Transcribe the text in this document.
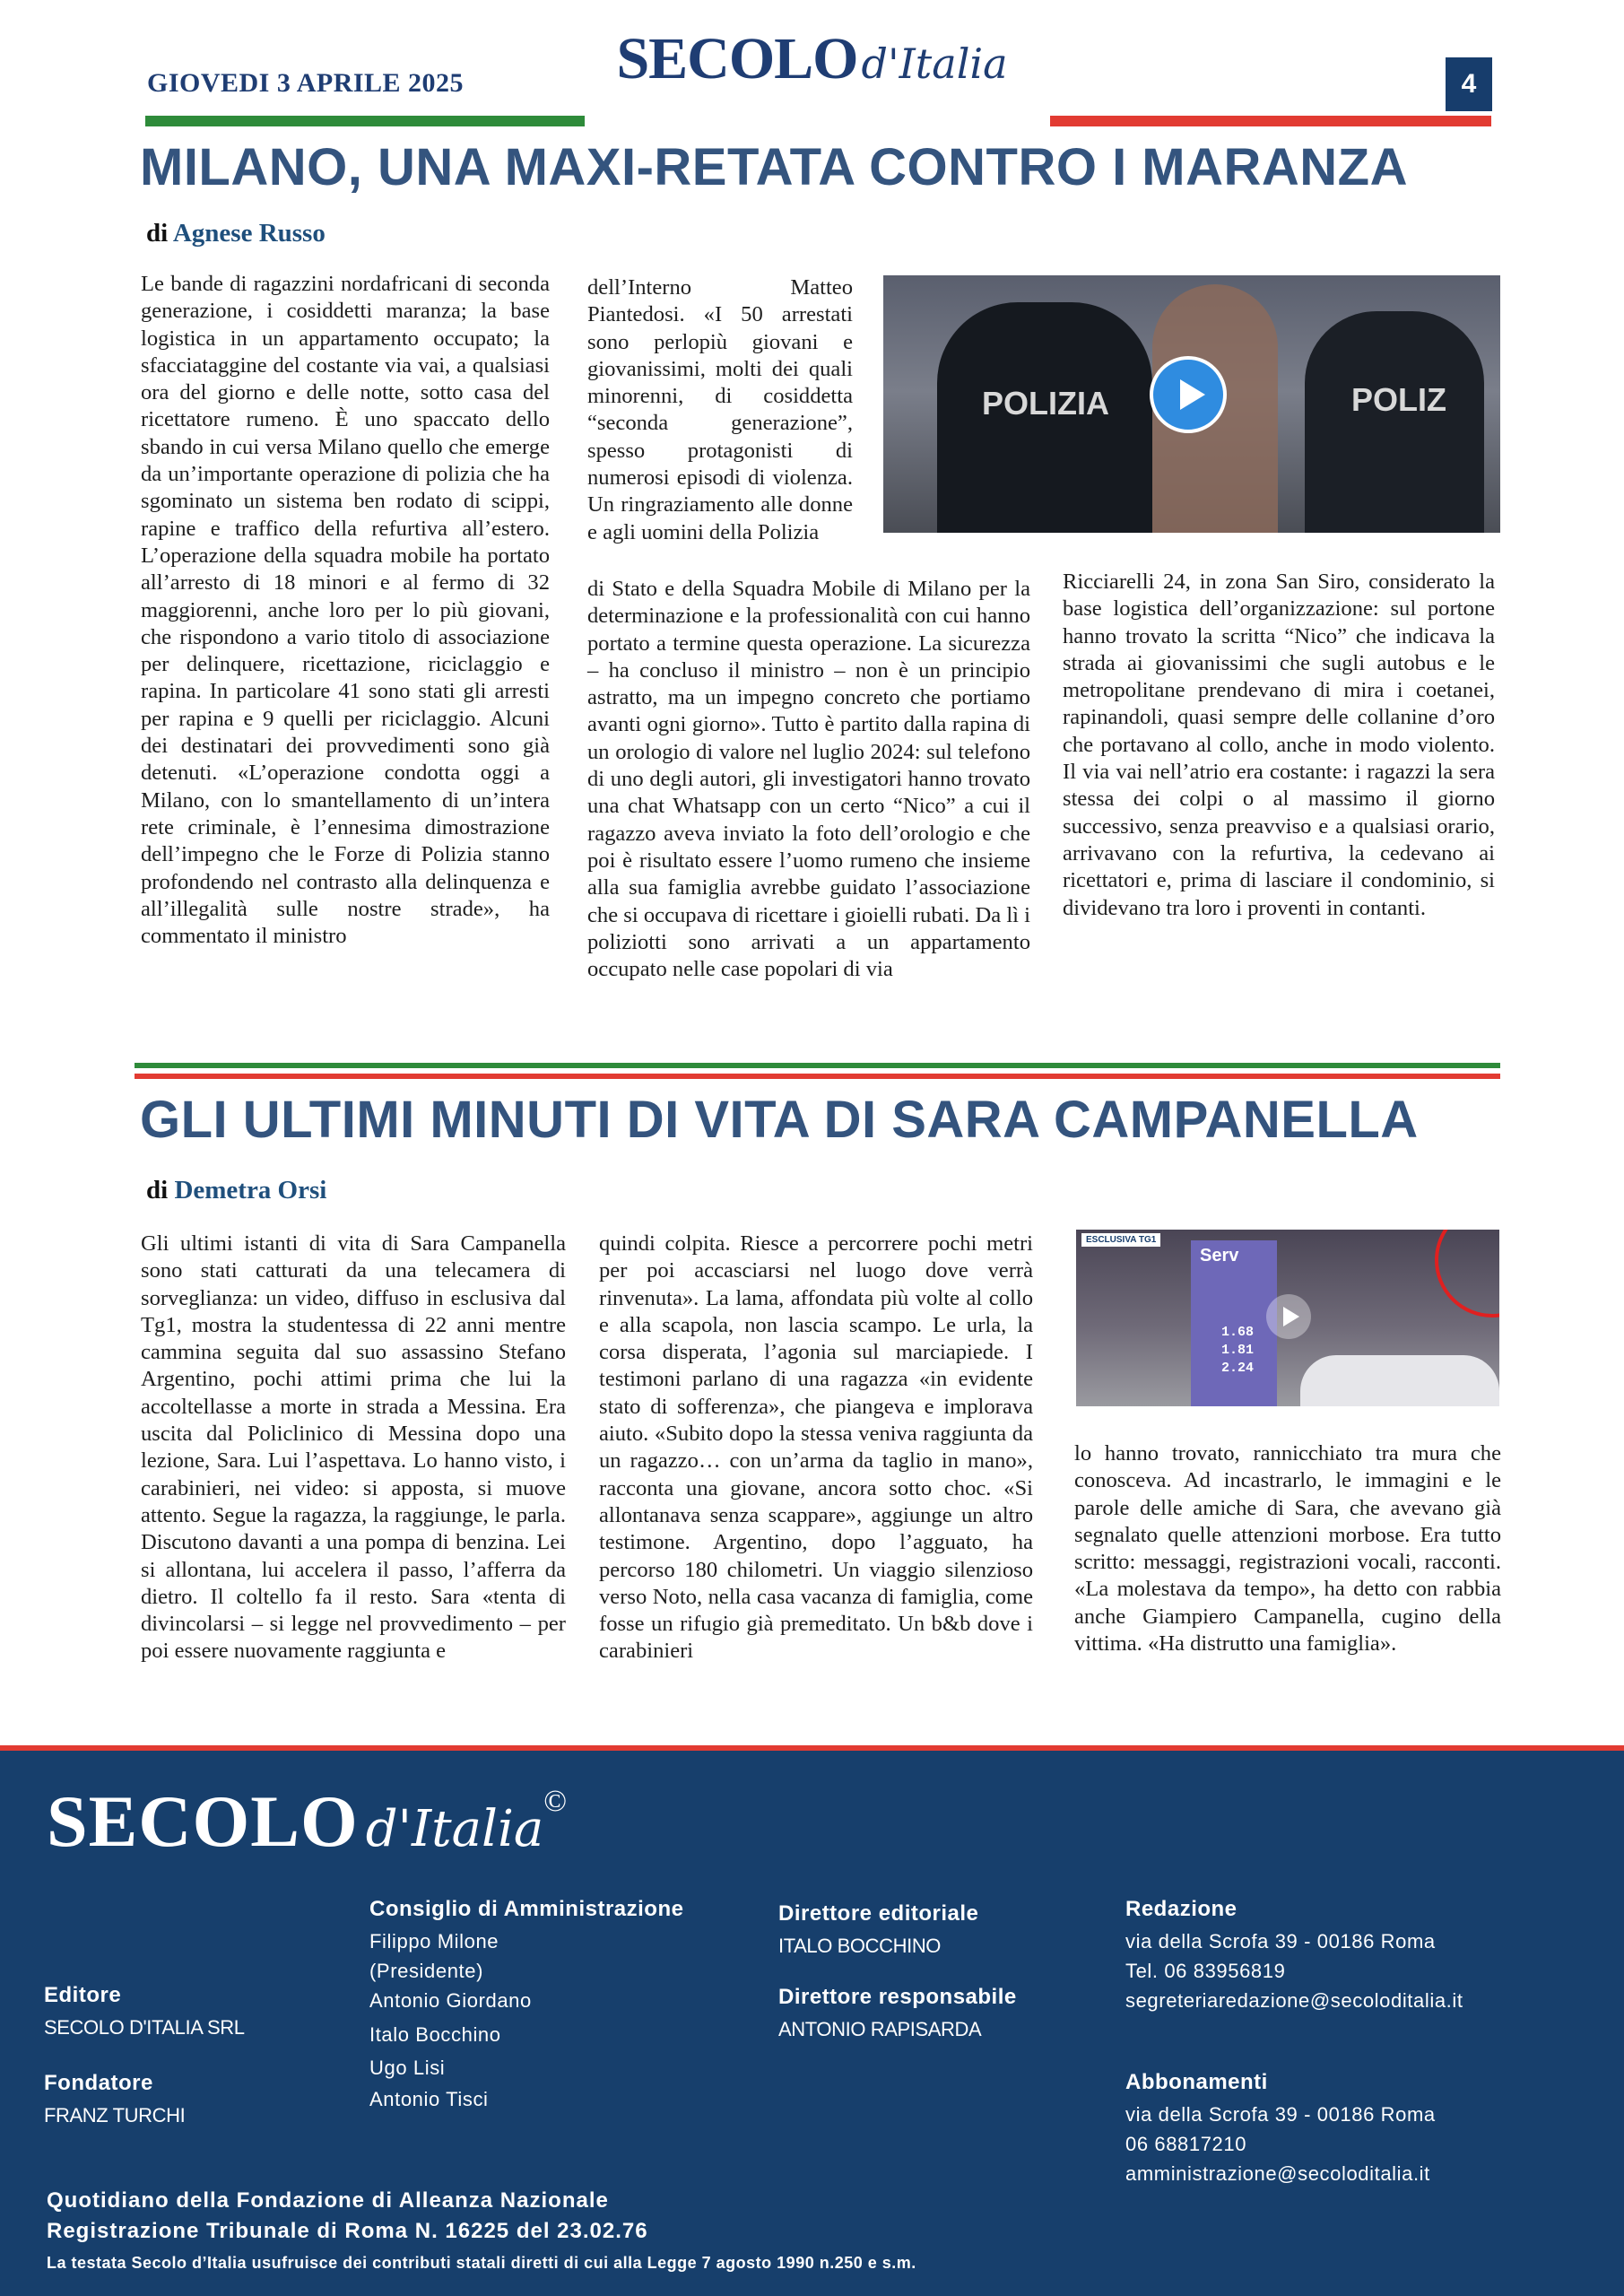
GIOVEDI 3 APRILE 2025	SECOLOd'Italia	4
MILANO, UNA MAXI-RETATA CONTRO I MARANZA
di Agnese Russo

Le bande di ragazzini nordafricani di seconda generazione, i cosiddetti maranza; la base logistica in un appartamento occupato; la sfacciataggine del costante via vai, a qualsiasi ora del giorno e delle notte, sotto casa del ricettatore rumeno. È uno spaccato dello sbando in cui versa Milano quello che emerge da un’importante operazione di polizia che ha sgominato un sistema ben rodato di scippi, rapine e traffico della refurtiva all’estero. L’operazione della squadra mobile ha portato all’arresto di 18 minori e al fermo di 32 maggiorenni, anche loro per lo più giovani, che rispondono a vario titolo di associazione per delinquere, ricettazione, riciclaggio e rapina. In particolare 41 sono stati gli arresti per rapina e 9 quelli per riciclaggio. Alcuni dei destinatari dei provvedimenti sono già detenuti. «L’operazione condotta oggi a Milano, con lo smantellamento di un’intera rete criminale, è l’ennesima dimostrazione dell’impegno che le Forze di Polizia stanno profondendo nel contrasto alla delinquenza e all’illegalità sulle nostre strade», ha commentato il ministro

dell’Interno Matteo Piantedosi. «I 50 arrestati sono perlopiù giovani e giovanissimi, molti dei quali minorenni, di cosiddetta “seconda generazione”, spesso protagonisti di numerosi episodi di violenza. Un ringraziamento alle donne e agli uomini della Polizia

di Stato e della Squadra Mobile di Milano per la determinazione e la professionalità con cui hanno portato a termine questa operazione. La sicurezza – ha concluso il ministro – non è un principio astratto, ma un impegno concreto che portiamo avanti ogni giorno». Tutto è partito dalla rapina di un orologio di valore nel luglio 2024: sul telefono di uno degli autori, gli investigatori hanno trovato una chat Whatsapp con un certo “Nico” a cui il ragazzo aveva inviato la foto dell’orologio e che poi è risultato essere l’uomo rumeno che insieme alla sua famiglia avrebbe guidato l’associazione che si occupava di ricettare i gioielli rubati. Da lì i poliziotti sono arrivati a un appartamento occupato nelle case popolari di via

Ricciarelli 24, in zona San Siro, considerato la base logistica dell’organizzazione: sul portone hanno trovato la scritta “Nico” che indicava la strada ai giovanissimi che sugli autobus e le metropolitane prendevano di mira i coetanei, rapinandoli, quasi sempre delle collanine d’oro che portavano al collo, anche in modo violento. Il via vai nell’atrio era costante: i ragazzi la sera stessa dei colpi o al massimo il giorno successivo, senza preavviso e a qualsiasi orario, arrivavano con la refurtiva, la cedevano ai ricettatori e, prima di lasciare il condominio, si dividevano tra loro i proventi in contanti.

POLIZIA	POLIZ
GLI ULTIMI MINUTI DI VITA DI SARA CAMPANELLA
di Demetra Orsi

Gli ultimi istanti di vita di Sara Campanella sono stati catturati da una telecamera di sorveglianza: un video, diffuso in esclusiva dal Tg1, mostra la studentessa di 22 anni mentre cammina seguita dal suo assassino Stefano Argentino, pochi attimi prima che lui la accoltellasse a morte in strada a Messina. Era uscita dal Policlinico di Messina dopo una lezione, Sara. Lui l’aspettava. Lo hanno visto, i carabinieri, nei video: si apposta, si muove attento. Segue la ragazza, la raggiunge, le parla. Discutono davanti a una pompa di benzina. Lei si allontana, lui accelera il passo, l’afferra da dietro. Il coltello fa il resto. Sara «tenta di divincolarsi – si legge nel provvedimento – per poi essere nuovamente raggiunta e

quindi colpita. Riesce a percorrere pochi metri per poi accasciarsi nel luogo dove verrà rinvenuta». La lama, affondata più volte al collo e alla scapola, non lascia scampo. Le urla, la corsa disperata, l’agonia sul marciapiede. I testimoni parlano di una ragazza «in evidente stato di sofferenza», che piangeva e implorava aiuto. «Subito dopo la stessa veniva raggiunta da un ragazzo… con un’arma da taglio in mano», racconta una giovane, ancora sotto choc. «Si allontanava senza scappare», aggiunge un altro testimone. Argentino, dopo l’agguato, ha percorso 180 chilometri. Un viaggio silenzioso verso Noto, nella casa vacanza di famiglia, come fosse un rifugio già premeditato. Un b&b dove i carabinieri

lo hanno trovato, rannicchiato tra mura che conosceva. Ad incastrarlo, le immagini e le parole delle amiche di Sara, che avevano già segnalato quelle attenzioni morbose. Era tutto scritto: messaggi, registrazioni vocali, racconti. «La molestava da tempo», ha detto con rabbia anche Giampiero Campanella, cugino della vittima. «Ha distrutto una famiglia».

ESCLUSIVA TG1
Serv
1.68
1.81
2.24
SECOLO d'Italia©
Editore
SECOLO D'ITALIA SRL
Fondatore
FRANZ TURCHI
Consiglio di Amministrazione
Filippo Milone
(Presidente)
Antonio Giordano
Italo Bocchino
Ugo Lisi
Antonio Tisci
Direttore editoriale
ITALO BOCCHINO
Direttore responsabile
ANTONIO RAPISARDA
Redazione
via della Scrofa 39 - 00186 Roma
Tel. 06 83956819
segreteriaredazione@secoloditalia.it
Abbonamenti
via della Scrofa 39 - 00186 Roma
06 68817210
amministrazione@secoloditalia.it
Quotidiano della Fondazione di Alleanza Nazionale
Registrazione Tribunale di Roma N. 16225 del 23.02.76
La testata Secolo d’Italia usufruisce dei contributi statali diretti di cui alla Legge 7 agosto 1990 n.250 e s.m.
